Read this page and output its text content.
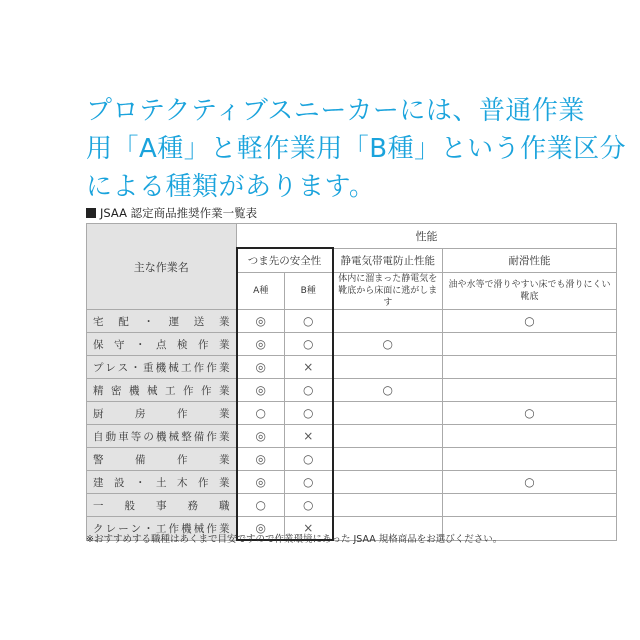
プロテクティブスニーカーには、普通作業
用「A種」と軽作業用「B種」という作業区分
による種類があります。
JSAA 認定商品推奨作業一覧表
主な作業名	性能			
	つま先の安全性		静電気帯電防止性能	耐滑性能
	A種	B種	体内に溜まった静電気を靴底から床面に逃がします	油や水等で滑りやすい床でも滑りにくい靴底

宅配・運送業	◎	○		○

保守・点検作業	◎	○	○	

プレス・重機械工作作業	◎	×		

精密機械工作作業	◎	○	○	

厨房作業	○	○		○

自動車等の機械整備作業	◎	×		

警備作業	◎	○		

建設・土木作業	◎	○		○

一般事務職	○	○		

クレーン・工作機械作業	◎	×		
※おすすめする職種はあくまで目安ですので作業環境にあった JSAA 規格商品をお選びください。
